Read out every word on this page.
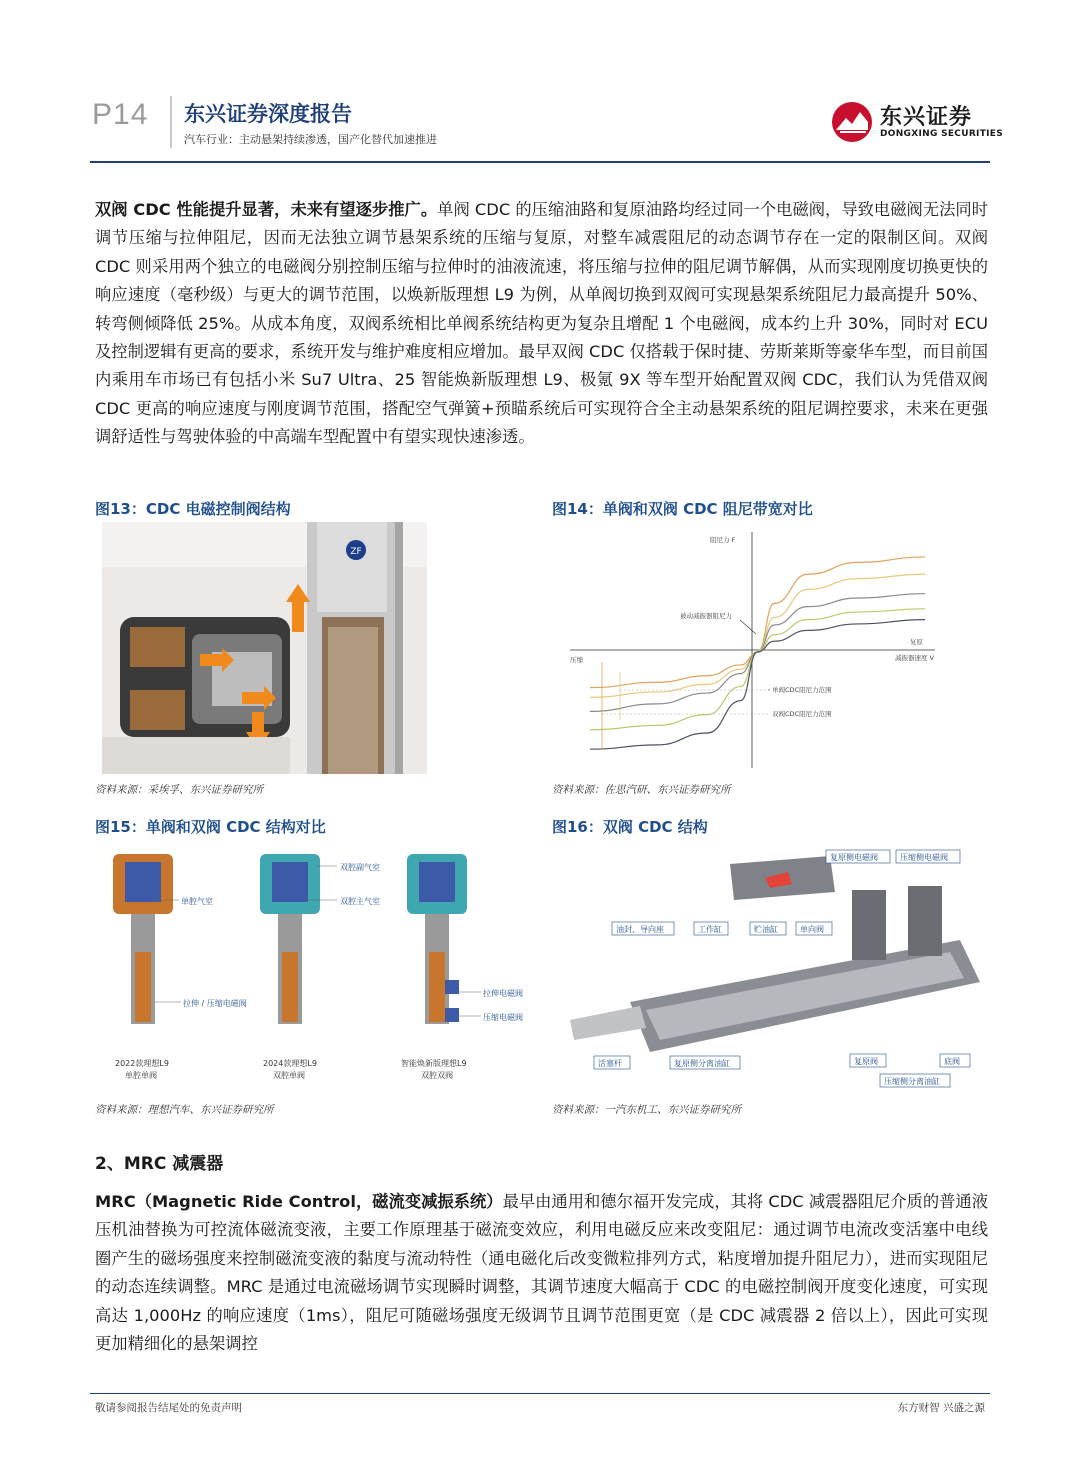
P14 东兴证券深度报告
汽车行业：主动悬架持续渗透，国产化替代加速推进
东兴证券
DONGXING SECURITIES
双阀 CDC 性能提升显著，未来有望逐步推广。单阀 CDC 的压缩油路和复原油路均经过同一个电磁阀，导致电磁阀无法同时调节压缩与拉伸阻尼，因而无法独立调节悬架系统的压缩与复原，对整车减震阻尼的动态调节存在一定的限制区间。双阀 CDC 则采用两个独立的电磁阀分别控制压缩与拉伸时的油液流速，将压缩与拉伸的阻尼调节解偶，从而实现刚度切换更快的响应速度（毫秒级）与更大的调节范围，以焕新版理想 L9 为例，从单阀切换到双阀可实现悬架系统阻尼力最高提升 50%、转弯侧倾降低 25%。从成本角度，双阀系统相比单阀系统结构更为复杂且增配 1 个电磁阀，成本约上升 30%，同时对 ECU 及控制逻辑有更高的要求，系统开发与维护难度相应增加。最早双阀 CDC 仅搭载于保时捷、劳斯莱斯等豪华车型，而目前国内乘用车市场已有包括小米 Su7 Ultra、25 智能焕新版理想 L9、极氪 9X 等车型开始配置双阀 CDC，我们认为凭借双阀 CDC 更高的响应速度与刚度调节范围，搭配空气弹簧+预瞄系统后可实现符合全主动悬架系统的阻尼调控要求，未来在更强调舒适性与驾驶体验的中高端车型配置中有望实现快速渗透。
图13：CDC 电磁控制阀结构
ZF
资料来源：采埃孚、东兴证券研究所
图14：单阀和双阀 CDC 阻尼带宽对比
阻尼力 F
减振器速度 V
复原
压缩
被动减振器阻尼力
单阀CDC阻尼力范围
双阀CDC阻尼力范围
资料来源：佐思汽研、东兴证券研究所
图15：单阀和双阀 CDC 结构对比
单腔气室
拉伸 / 压缩电磁阀
双腔副气室
双腔主气室
拉伸电磁阀
压缩电磁阀
2022款理想L9
单腔单阀
2024款理想L9
双腔单阀
智能焕新版理想L9
双腔双阀
资料来源：理想汽车、东兴证券研究所
图16：双阀 CDC 结构
复原侧电磁阀	压缩侧电磁阀
油封、导向座	工作缸	贮油缸	单向阀
活塞杆	复原侧分离油缸	复原阀	底阀
压缩侧分离油缸
资料来源：一汽东机工、东兴证券研究所
2、MRC 减震器
MRC（Magnetic Ride Control，磁流变减振系统）最早由通用和德尔福开发完成，其将 CDC 减震器阻尼介质的普通液压机油替换为可控流体磁流变液，主要工作原理基于磁流变效应，利用电磁反应来改变阻尼：通过调节电流改变活塞中电线圈产生的磁场强度来控制磁流变液的黏度与流动特性（通电磁化后改变微粒排列方式，粘度增加提升阻尼力），进而实现阻尼的动态连续调整。MRC 是通过电流磁场调节实现瞬时调整，其调节速度大幅高于 CDC 的电磁控制阀开度变化速度，可实现高达 1,000Hz 的响应速度（1ms），阻尼可随磁场强度无级调节且调节范围更宽（是 CDC 减震器 2 倍以上），因此可实现更加精细化的悬架调控
敬请参阅报告结尾处的免责声明	东方财智 兴盛之源
